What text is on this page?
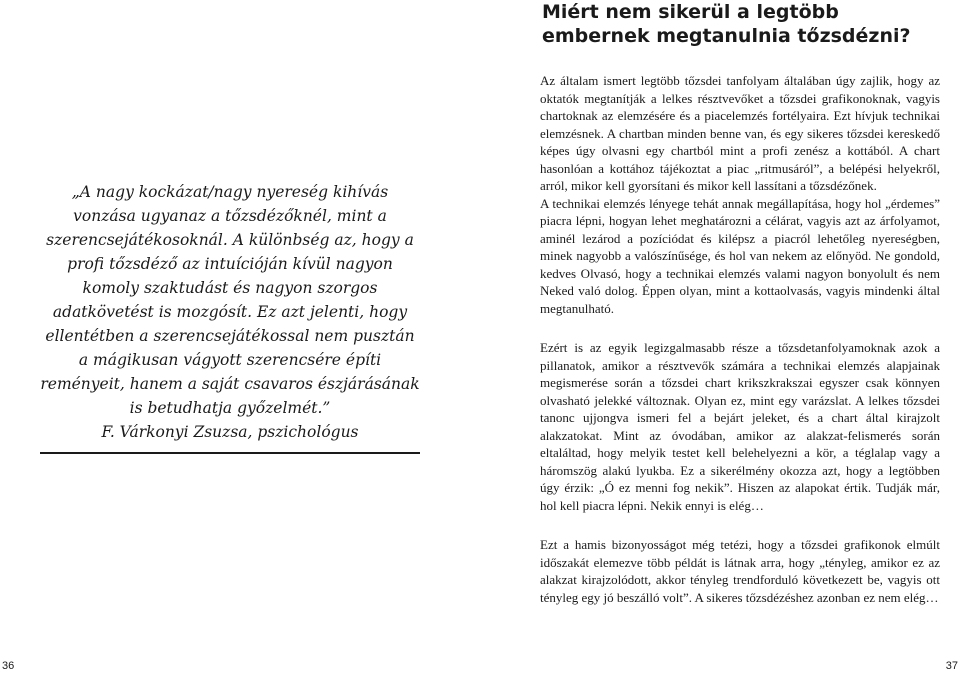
„A nagy kockázat/nagy nyereség kihívás vonzása ugyanaz a tőzsdézőknél, mint a szerencsejátékosoknál. A különbség az, hogy a profi tőzsdéző az intuícióján kívül nagyon komoly szaktudást és nagyon szorgos adatkövetést is mozgósít. Ez azt jelenti, hogy ellentétben a szerencsejátékossal nem pusztán a mágikusan vágyott szerencsére építi reményeit, hanem a saját csavaros észjárásának is betudhatja győzelmét.”

F. Várkonyi Zsuzsa, pszichológus

36
Miért nem sikerül a legtöbb embernek megtanulnia tőzsdézni?

Az általam ismert legtöbb tőzsdei tanfolyam általában úgy zajlik, hogy az oktatók megtanítják a lelkes résztvevőket a tőzsdei grafikonoknak, vagyis chartoknak az elemzésére és a piacelemzés fortélyaira. Ezt hívjuk technikai elemzésnek. A chartban minden benne van, és egy sikeres tőzsdei kereskedő képes úgy olvasni egy chartból mint a profi zenész a kottából. A chart hasonlóan a kottához tájékoztat a piac „ritmusáról”, a belépési helyekről, arról, mikor kell gyorsítani és mikor kell lassítani a tőzsdézőnek.

A technikai elemzés lényege tehát annak megállapítása, hogy hol „érdemes” piacra lépni, hogyan lehet meghatározni a célárat, vagyis azt az árfolyamot, aminél lezárod a pozíciódat és kilépsz a piacról lehetőleg nyereségben, minek nagyobb a valószínűsége, és hol van nekem az előnyöd. Ne gondold, kedves Olvasó, hogy a technikai elemzés valami nagyon bonyolult és nem Neked való dolog. Éppen olyan, mint a kottaolvasás, vagyis mindenki által megtanulható.

Ezért is az egyik legizgalmasabb része a tőzsdetanfolyamoknak azok a pillanatok, amikor a résztvevők számára a technikai elemzés alapjainak megismerése során a tőzsdei chart krikszkrakszai egyszer csak könnyen olvasható jelekké változnak. Olyan ez, mint egy varázslat. A lelkes tőzsdei tanonc ujjongva ismeri fel a bejárt jeleket, és a chart által kirajzolt alakzatokat. Mint az óvodában, amikor az alakzat-felismerés során eltaláltad, hogy melyik testet kell belehelyezni a kör, a téglalap vagy a háromszög alakú lyukba. Ez a sikerélmény okozza azt, hogy a legtöbben úgy érzik: „Ó ez menni fog nekik”. Hiszen az alapokat értik. Tudják már, hol kell piacra lépni. Nekik ennyi is elég…

Ezt a hamis bizonyosságot még tetézi, hogy a tőzsdei grafikonok elmúlt időszakát elemezve több példát is látnak arra, hogy „tényleg, amikor ez az alakzat kirajzolódott, akkor tényleg trendforduló következett be, vagyis ott tényleg egy jó beszálló volt”. A sikeres tőzsdézéshez azonban ez nem elég…

37
